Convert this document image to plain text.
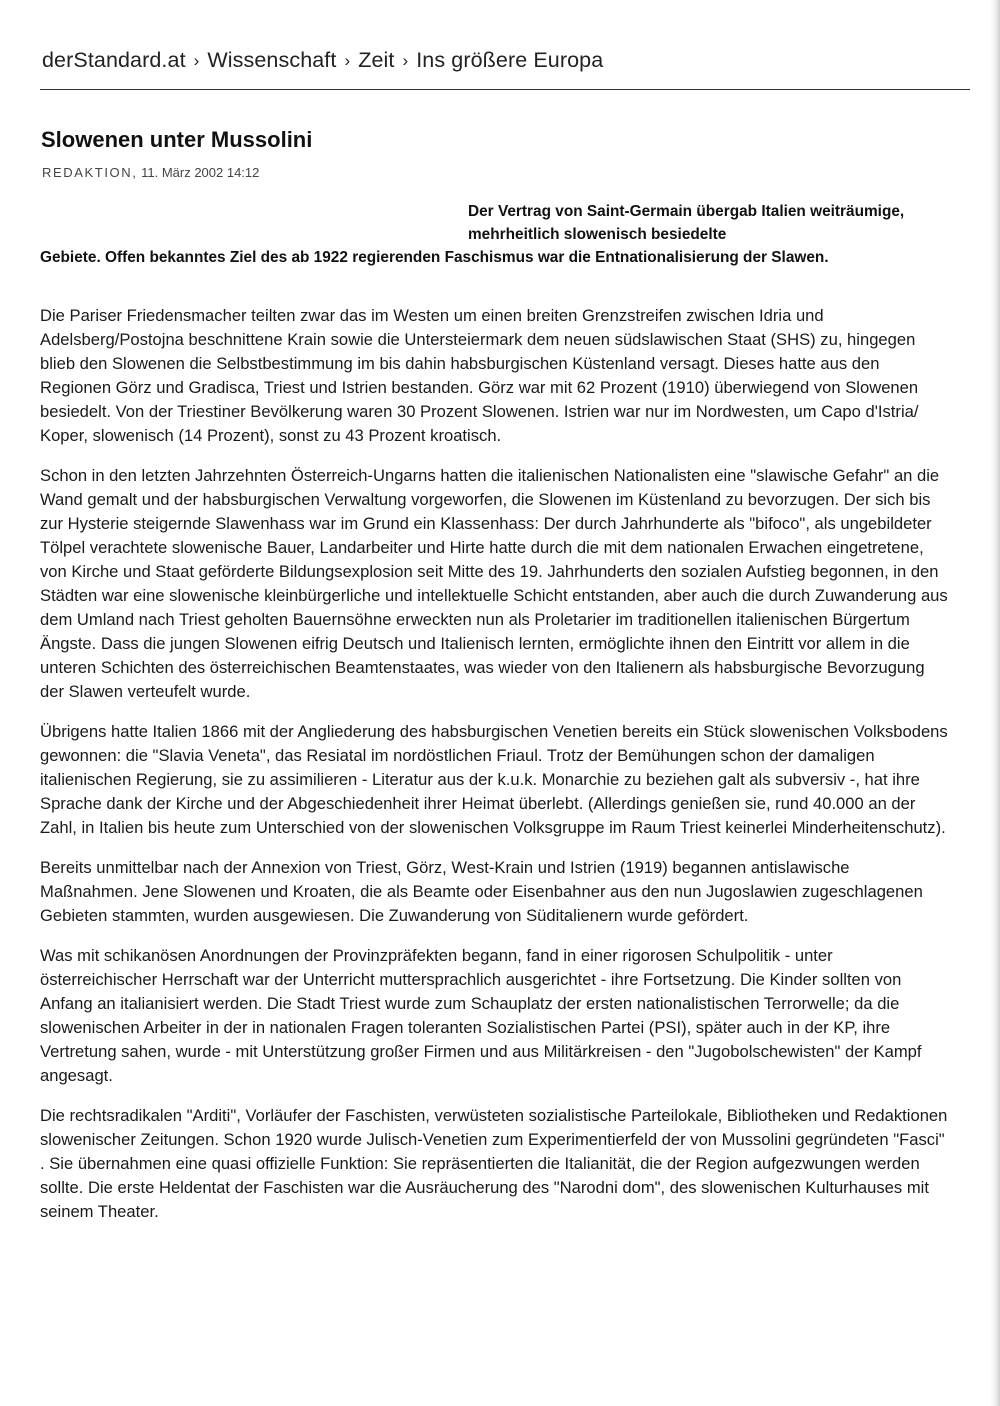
derStandard.at › Wissenschaft › Zeit › Ins größere Europa
Slowenen unter Mussolini
REDAKTION, 11. März 2002 14:12
Der Vertrag von Saint-Germain übergab Italien weiträumige, mehrheitlich slowenisch besiedelte
Gebiete. Offen bekanntes Ziel des ab 1922 regierenden Faschismus war die Entnationalisierung der Slawen.

Die Pariser Friedensmacher teilten zwar das im Westen um einen breiten Grenzstreifen zwischen Idria und Adelsberg/Postojna beschnittene Krain sowie die Untersteiermark dem neuen südslawischen Staat (SHS) zu, hingegen blieb den Slowenen die Selbstbestimmung im bis dahin habsburgischen Küstenland versagt. Dieses hatte aus den Regionen Görz und Gradisca, Triest und Istrien bestanden. Görz war mit 62 Prozent (1910) überwiegend von Slowenen besiedelt. Von der Triestiner Bevölkerung waren 30 Prozent Slowenen. Istrien war nur im Nordwesten, um Capo d'Istria/ Koper, slowenisch (14 Prozent), sonst zu 43 Prozent kroatisch.

Schon in den letzten Jahrzehnten Österreich-Ungarns hatten die italienischen Nationalisten eine "slawische Gefahr" an die Wand gemalt und der habsburgischen Verwaltung vorgeworfen, die Slowenen im Küstenland zu bevorzugen. Der sich bis zur Hysterie steigernde Slawenhass war im Grund ein Klassenhass: Der durch Jahrhunderte als "bifoco", als ungebildeter Tölpel verachtete slowenische Bauer, Landarbeiter und Hirte hatte durch die mit dem nationalen Erwachen eingetretene, von Kirche und Staat geförderte Bildungsexplosion seit Mitte des 19. Jahrhunderts den sozialen Aufstieg begonnen, in den Städten war eine slowenische kleinbürgerliche und intellektuelle Schicht entstanden, aber auch die durch Zuwanderung aus dem Umland nach Triest geholten Bauernsöhne erweckten nun als Proletarier im traditionellen italienischen Bürgertum Ängste. Dass die jungen Slowenen eifrig Deutsch und Italienisch lernten, ermöglichte ihnen den Eintritt vor allem in die unteren Schichten des österreichischen Beamtenstaates, was wieder von den Italienern als habsburgische Bevorzugung der Slawen verteufelt wurde.

Übrigens hatte Italien 1866 mit der Angliederung des habsburgischen Venetien bereits ein Stück slowenischen Volksbodens gewonnen: die "Slavia Veneta", das Resiatal im nordöstlichen Friaul. Trotz der Bemühungen schon der damaligen italienischen Regierung, sie zu assimilieren - Literatur aus der k.u.k. Monarchie zu beziehen galt als subversiv -, hat ihre Sprache dank der Kirche und der Abgeschiedenheit ihrer Heimat überlebt. (Allerdings genießen sie, rund 40.000 an der Zahl, in Italien bis heute zum Unterschied von der slowenischen Volksgruppe im Raum Triest keinerlei Minderheitenschutz).

Bereits unmittelbar nach der Annexion von Triest, Görz, West-Krain und Istrien (1919) begannen antislawische Maßnahmen. Jene Slowenen und Kroaten, die als Beamte oder Eisenbahner aus den nun Jugoslawien zugeschlagenen Gebieten stammten, wurden ausgewiesen. Die Zuwanderung von Süditalienern wurde gefördert.

Was mit schikanösen Anordnungen der Provinzpräfekten begann, fand in einer rigorosen Schulpolitik - unter österreichischer Herrschaft war der Unterricht muttersprachlich ausgerichtet - ihre Fortsetzung. Die Kinder sollten von Anfang an italianisiert werden. Die Stadt Triest wurde zum Schauplatz der ersten nationalistischen Terrorwelle; da die slowenischen Arbeiter in der in nationalen Fragen toleranten Sozialistischen Partei (PSI), später auch in der KP, ihre Vertretung sahen, wurde - mit Unterstützung großer Firmen und aus Militärkreisen - den "Jugobolschewisten" der Kampf angesagt.

Die rechtsradikalen "Arditi", Vorläufer der Faschisten, verwüsteten sozialistische Parteilokale, Bibliotheken und Redaktionen slowenischer Zeitungen. Schon 1920 wurde Julisch-Venetien zum Experimentierfeld der von Mussolini gegründeten "Fasci" . Sie übernahmen eine quasi offizielle Funktion: Sie repräsentierten die Italianität, die der Region aufgezwungen werden sollte. Die erste Heldentat der Faschisten war die Ausräucherung des "Narodni dom", des slowenischen Kulturhauses mit seinem Theater.
